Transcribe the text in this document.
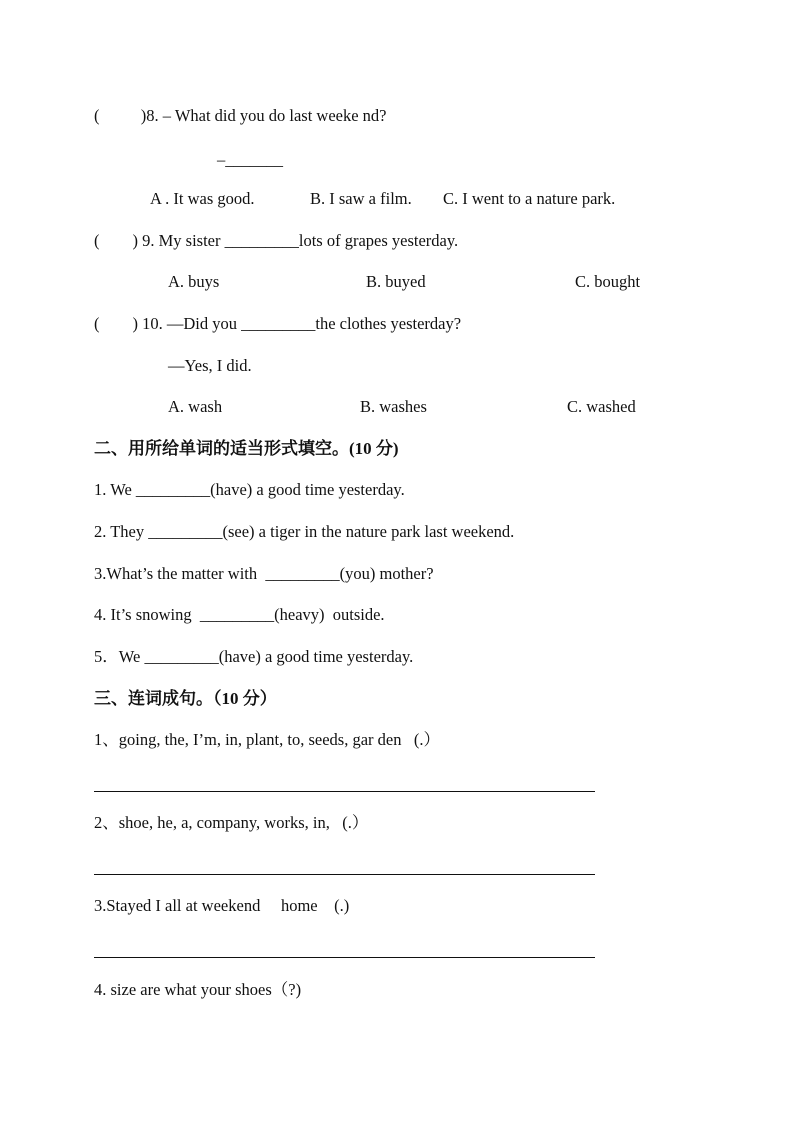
(          )8. – What did you do last weeke nd?
–_______
A . It was good.	B. I saw a film. C. I went to a nature park.
(        ) 9. My sister _________lots of grapes yesterday.
A. buys	B. buyed	C. bought
(        ) 10. —Did you _________the clothes yesterday?
—Yes, I did.
A. wash	B. washes	C. washed
二、用所给单词的适当形式填空。(10 分)
1. We _________(have) a good time yesterday.
2. They _________(see) a tiger in the nature park last weekend.
3.What’s the matter with  _________(you) mother?
4. It’s snowing  _________(heavy)  outside.
5．We _________(have) a good time yesterday.
三、连词成句。（10 分）
1、going, the, I’m, in, plant, to, seeds, gar den   (.）
2、shoe, he, a, company, works, in,   (.）
3.Stayed I all at weekend     home    (.)
4. size are what your shoes（?)
